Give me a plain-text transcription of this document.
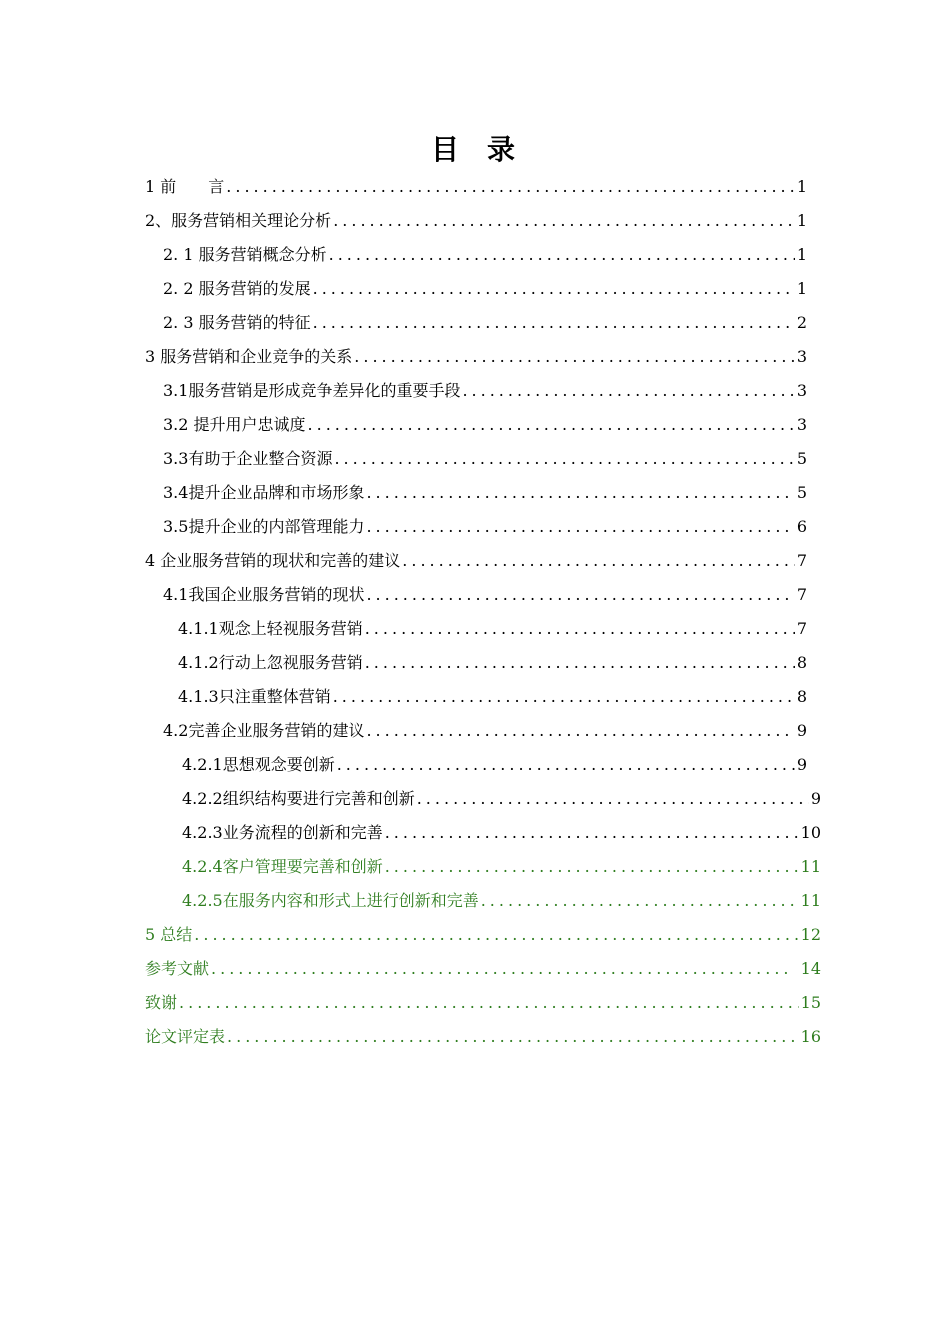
目 录
1 前　　言 .....	1
2、服务营销相关理论分析 .....	1
2. 1 服务营销概念分析 .....	1
2. 2 服务营销的发展 .....	1
2. 3 服务营销的特征 .....	2
3 服务营销和企业竞争的关系 .....	3
3.1服务营销是形成竞争差异化的重要手段 .....	3
3.2 提升用户忠诚度 .....	3
3.3有助于企业整合资源 .....	5
3.4提升企业品牌和市场形象 .....	5
3.5提升企业的内部管理能力 .....	6
4 企业服务营销的现状和完善的建议 .....	7
4.1我国企业服务营销的现状 .....	7
4.1.1观念上轻视服务营销 .....	7
4.1.2行动上忽视服务营销 .....	8
4.1.3只注重整体营销 .....	8
4.2完善企业服务营销的建议 .....	9
4.2.1思想观念要创新 .....	9
4.2.2组织结构要进行完善和创新 .....	9
4.2.3业务流程的创新和完善 .....	10
4.2.4客户管理要完善和创新 .....	11
4.2.5在服务内容和形式上进行创新和完善 .....	11
5 总结 .....	12
参考文献 .....	14
致谢 .....	15
论文评定表 .....	16
